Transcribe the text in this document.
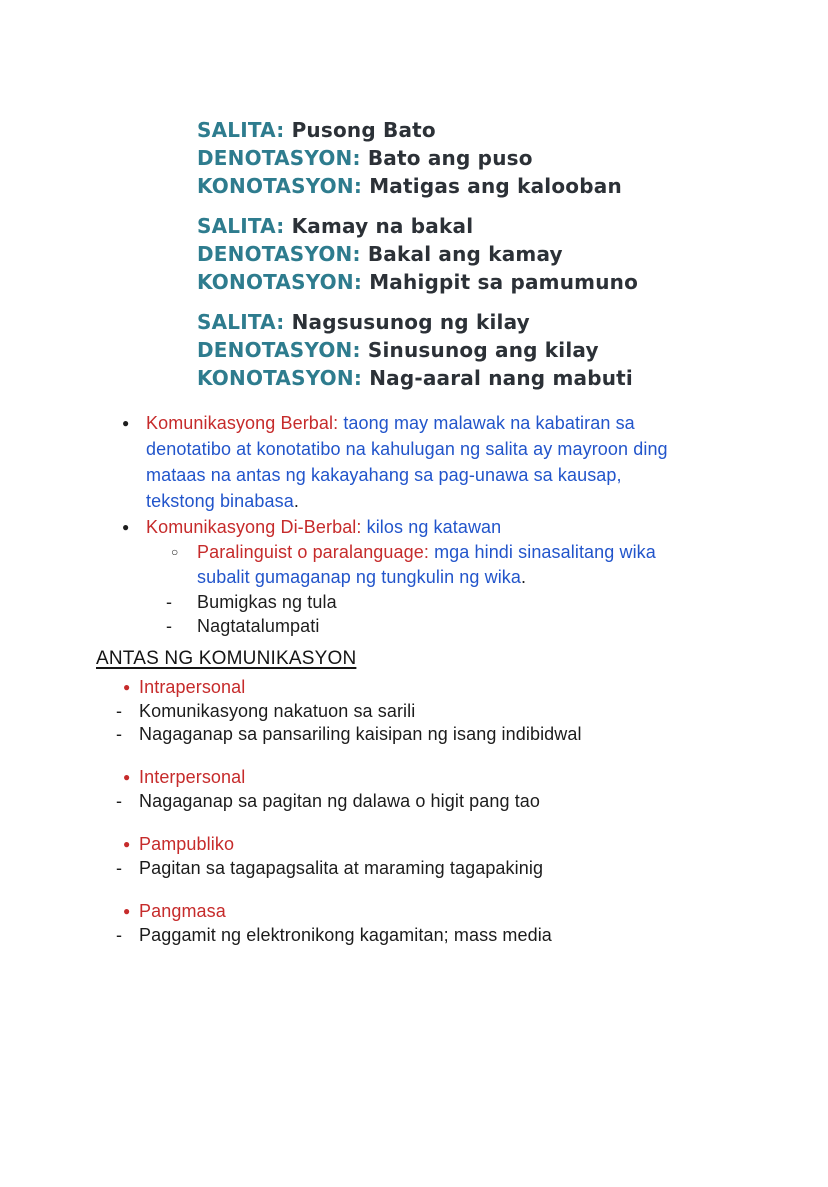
SALITA: Pusong Bato
DENOTASYON: Bato ang puso
KONOTASYON: Matigas ang kalooban
SALITA: Kamay na bakal
DENOTASYON: Bakal ang kamay
KONOTASYON: Mahigpit sa pamumuno
SALITA: Nagsusunog ng kilay
DENOTASYON: Sinusunog ang kilay
KONOTASYON: Nag-aaral nang mabuti
● Komunikasyong Berbal: taong may malawak na kabatiran sa denotatibo at konotatibo na kahulugan ng salita ay mayroon ding mataas na antas ng kakayahang sa pag-unawa sa kausap, tekstong binabasa.
● Komunikasyong Di-Berbal: kilos ng katawan
○ Paralinguist o paralanguage: mga hindi sinasalitang wika subalit gumaganap ng tungkulin ng wika.
- Bumigkas ng tula
- Nagtatalumpati
ANTAS NG KOMUNIKASYON
● Intrapersonal
- Komunikasyong nakatuon sa sarili
- Nagaganap sa pansariling kaisipan ng isang indibidwal
● Interpersonal
- Nagaganap sa pagitan ng dalawa o higit pang tao
● Pampubliko
- Pagitan sa tagapagsalita at maraming tagapakinig
● Pangmasa
- Paggamit ng elektronikong kagamitan; mass media
